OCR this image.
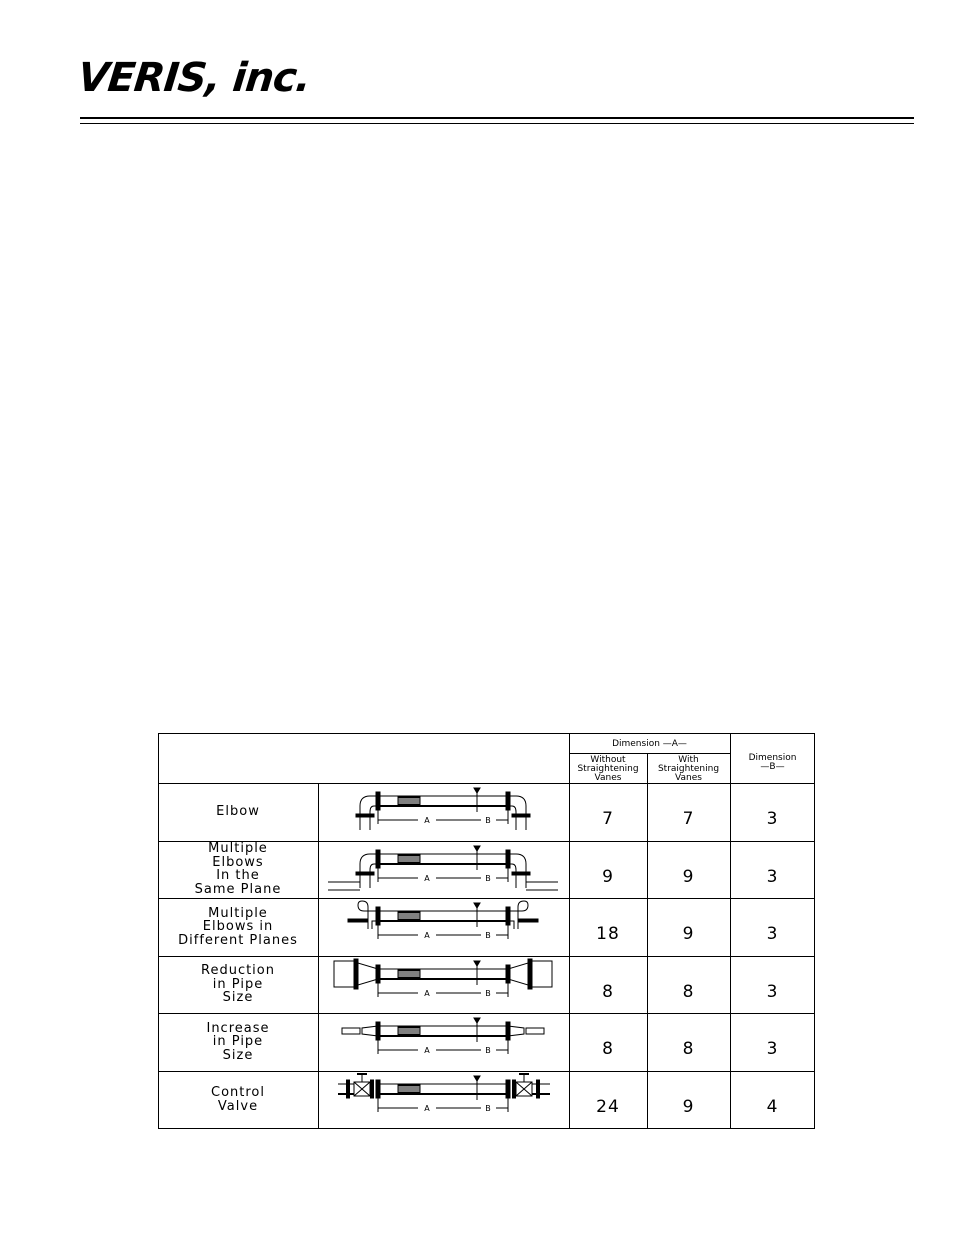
VERIS, inc.
Dimension —A—
Without
Straightening
Vanes
With
Straightening
Vanes
Dimension
—B—
Elbow
A	B	7	7	3
Multiple
Elbows
In the
Same Plane
A	B	9	9	3
Multiple
Elbows in
Different Planes	A	B	18	9	3
Reduction
in Pipe
Size	A	B	8	8	3
Increase
in Pipe
Size	A	B	8	8	3
Control
Valve	A	B	24	9	4
